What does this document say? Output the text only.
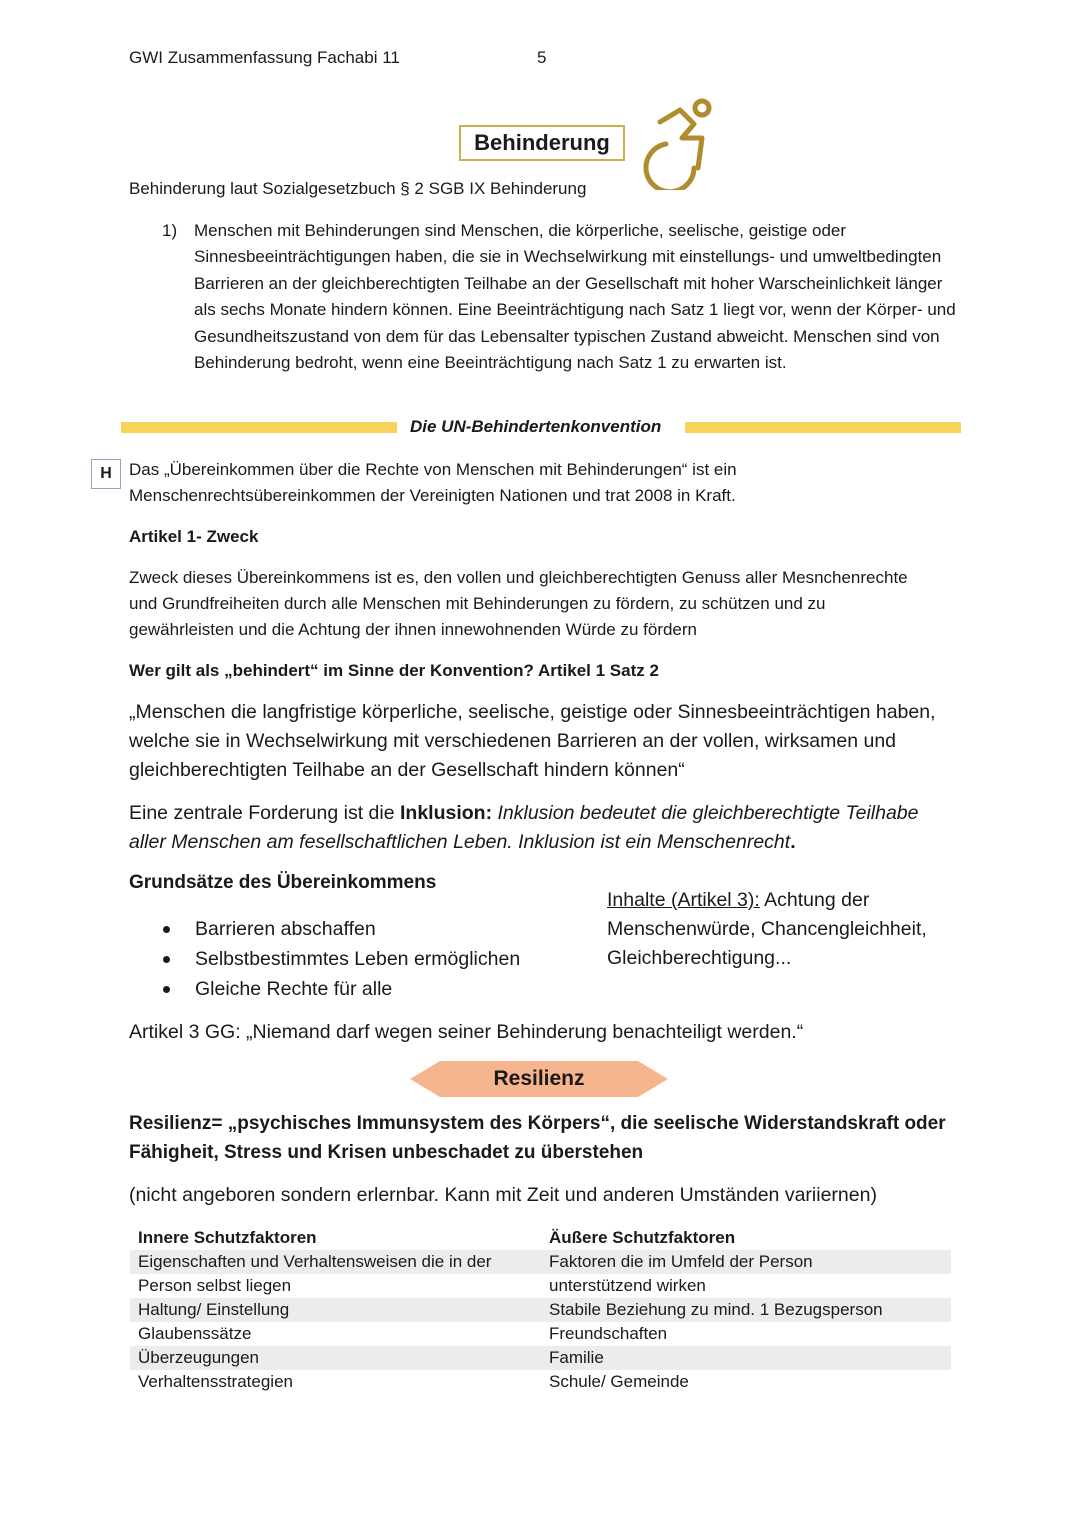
GWI Zusammenfassung Fachabi 11	5
Behinderung
Behinderung laut Sozialgesetzbuch § 2 SGB IX Behinderung
1) Menschen mit Behinderungen sind Menschen, die körperliche, seelische, geistige oder Sinnesbeeinträchtigungen haben, die sie in Wechselwirkung mit einstellungs- und umweltbedingten Barrieren an der gleichberechtigten Teilhabe an der Gesellschaft mit hoher Warscheinlichkeit länger als sechs Monate hindern können. Eine Beeinträchtigung nach Satz 1 liegt vor, wenn der Körper- und Gesundheitszustand von dem für das Lebensalter typischen Zustand abweicht. Menschen sind von Behinderung bedroht, wenn eine Beeinträchtigung nach Satz 1 zu erwarten ist.
Die UN-Behindertenkonvention
H	Das „Übereinkommen über die Rechte von Menschen mit Behinderungen“ ist ein Menschenrechtsübereinkommen der Vereinigten Nationen und trat 2008 in Kraft.
Artikel 1- Zweck
Zweck dieses Übereinkommens ist es, den vollen und gleichberechtigten Genuss aller Mesnchenrechte und Grundfreiheiten durch alle Menschen mit Behinderungen zu fördern, zu schützen und zu gewährleisten und die Achtung der ihnen innewohnenden Würde zu fördern
Wer gilt als „behindert“ im Sinne der Konvention? Artikel 1 Satz 2
„Menschen die langfristige körperliche, seelische, geistige oder Sinnesbeeinträchtigen haben, welche sie in Wechselwirkung mit verschiedenen Barrieren an der vollen, wirksamen und gleichberechtigten Teilhabe an der Gesellschaft hindern können“
Eine zentrale Forderung ist die Inklusion: Inklusion bedeutet die gleichberechtigte Teilhabe aller Menschen am fesellschaftlichen Leben. Inklusion ist ein Menschenrecht.
Grundsätze des Übereinkommens
Barrieren abschaffen
Selbstbestimmtes Leben ermöglichen
Gleiche Rechte für alle
Inhalte (Artikel 3): Achtung der Menschenwürde, Chancengleichheit, Gleichberechtigung...
Artikel 3 GG: „Niemand darf wegen seiner Behinderung benachteiligt werden.“
Resilienz
Resilienz= „psychisches Immunsystem des Körpers“, die seelische Widerstandskraft oder Fähigheit, Stress und Krisen unbeschadet zu überstehen
(nicht angeboren sondern erlernbar. Kann mit Zeit und anderen Umständen variiernen)
Innere Schutzfaktoren	Äußere Schutzfaktoren
Eigenschaften und Verhaltensweisen die in der	Faktoren die im Umfeld der Person
Person selbst liegen	unterstützend wirken
Haltung/ Einstellung	Stabile Beziehung zu mind. 1 Bezugsperson
Glaubenssätze	Freundschaften
Überzeugungen	Familie
Verhaltensstrategien	Schule/ Gemeinde
